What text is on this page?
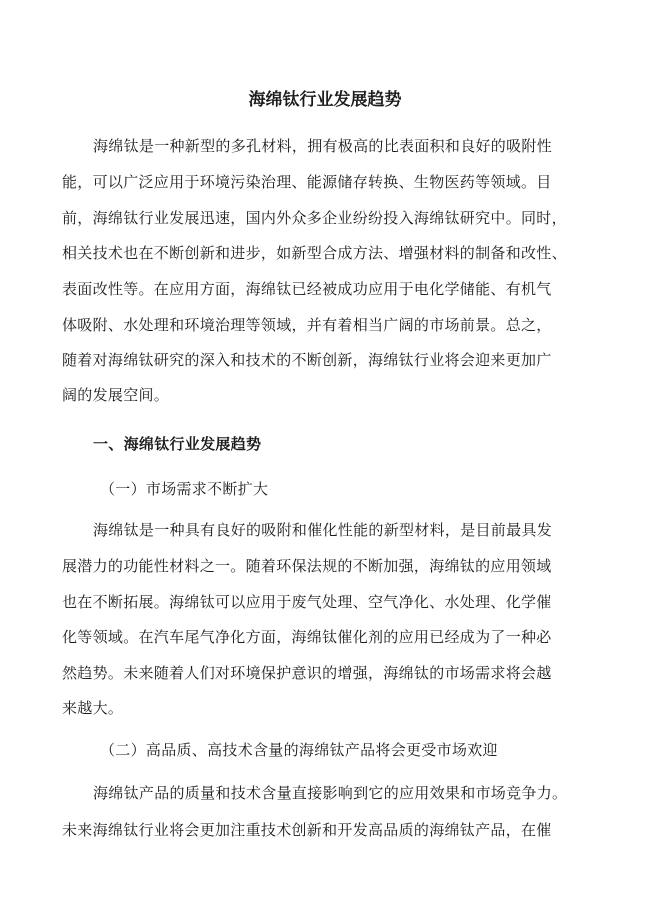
海绵钛行业发展趋势
海绵钛是一种新型的多孔材料，拥有极高的比表面积和良好的吸附性
能，可以广泛应用于环境污染治理、能源储存转换、生物医药等领域。目
前，海绵钛行业发展迅速，国内外众多企业纷纷投入海绵钛研究中。同时，
相关技术也在不断创新和进步，如新型合成方法、增强材料的制备和改性、
表面改性等。在应用方面，海绵钛已经被成功应用于电化学储能、有机气
体吸附、水处理和环境治理等领域，并有着相当广阔的市场前景。总之，
随着对海绵钛研究的深入和技术的不断创新，海绵钛行业将会迎来更加广
阔的发展空间。
一、海绵钛行业发展趋势
（一）市场需求不断扩大
海绵钛是一种具有良好的吸附和催化性能的新型材料，是目前最具发
展潜力的功能性材料之一。随着环保法规的不断加强，海绵钛的应用领域
也在不断拓展。海绵钛可以应用于废气处理、空气净化、水处理、化学催
化等领域。在汽车尾气净化方面，海绵钛催化剂的应用已经成为了一种必
然趋势。未来随着人们对环境保护意识的增强，海绵钛的市场需求将会越
来越大。
（二）高品质、高技术含量的海绵钛产品将会更受市场欢迎
海绵钛产品的质量和技术含量直接影响到它的应用效果和市场竞争力。
未来海绵钛行业将会更加注重技术创新和开发高品质的海绵钛产品，在催
